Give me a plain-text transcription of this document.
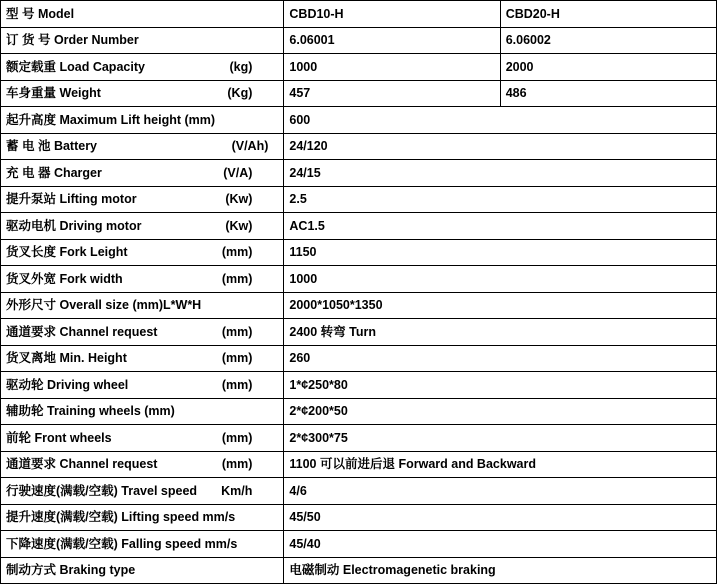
型 号 Model	CBD10-H	CBD20-H

订 货 号 Order Number	6.06001	6.06002

额定载重 Load Capacity (kg)	1000	2000

车身重量 Weight (Kg)	457	486

起升高度 Maximum Lift height (mm)	600	

蓄 电 池 Battery (V/Ah)	24/120	

充 电 器 Charger (V/A)	24/15	

提升泵站 Lifting motor (Kw)	2.5	

驱动电机 Driving motor (Kw)	AC1.5	

货叉长度 Fork Leight (mm)	1150	

货叉外宽 Fork width (mm)	1000	

外形尺寸 Overall size (mm)L*W*H	2000*1050*1350	

通道要求 Channel request (mm)	2400 转弯 Turn	

货叉离地 Min. Height (mm)	260	

驱动轮 Driving wheel (mm)	1*¢250*80	

辅助轮 Training wheels (mm)	2*¢200*50	

前轮 Front wheels (mm)	2*¢300*75	

通道要求 Channel request (mm)	1100 可以前进后退 Forward and Backward	

行驶速度(满载/空载) Travel speed Km/h	4/6	

提升速度(满载/空载) Lifting speed mm/s	45/50	

下降速度(满载/空载) Falling speed mm/s	45/40	

制动方式 Braking type	电磁制动 Electromagenetic braking	
